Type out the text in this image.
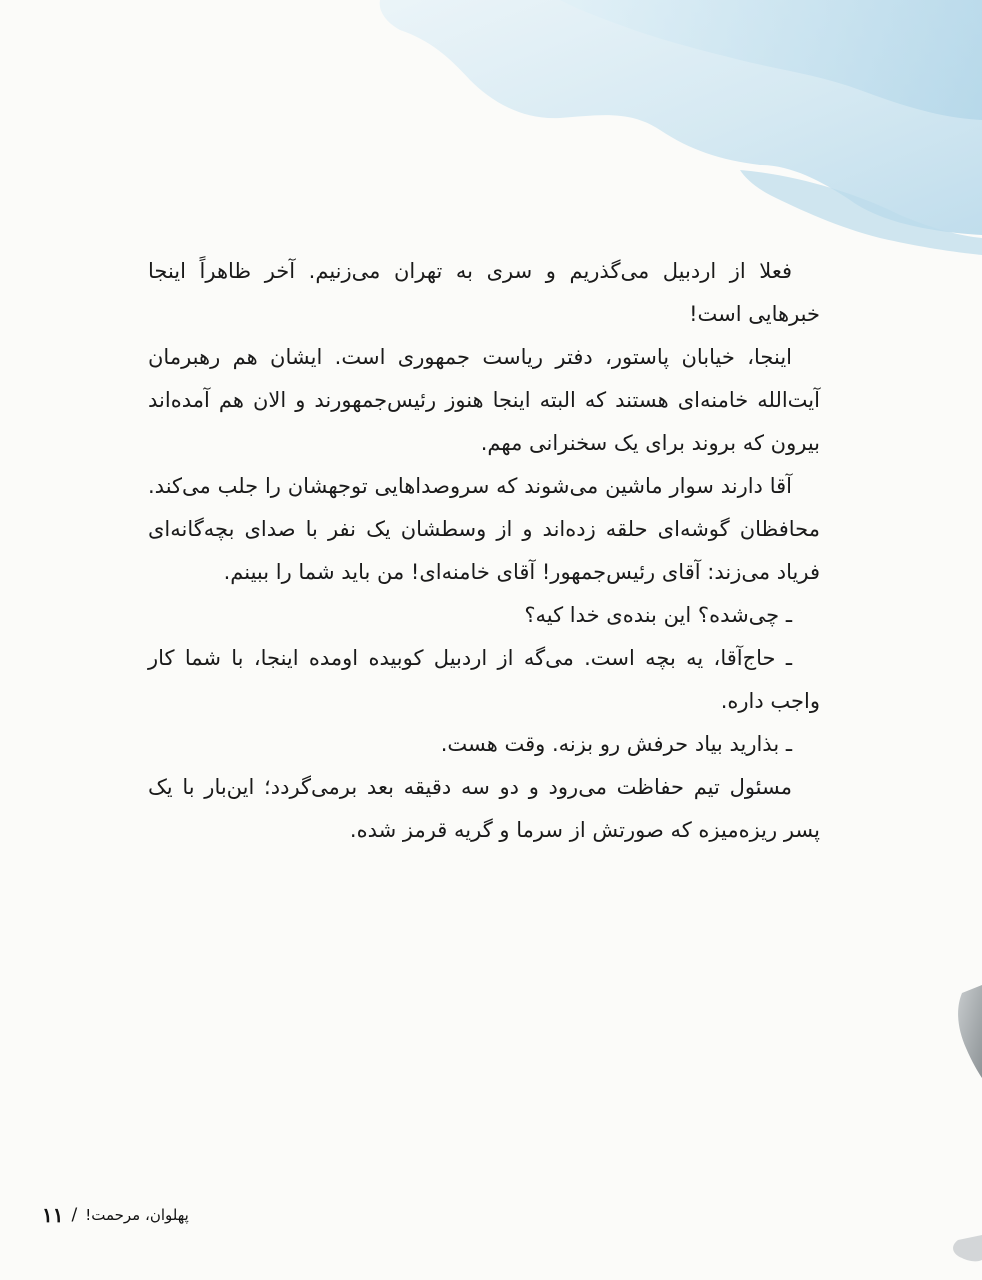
فعلا از اردبیل می‌گذریم و سری به تهران می‌زنیم. آخر ظاهراً اینجا خبرهایی است!

اینجا، خیابان پاستور، دفتر ریاست جمهوری است. ایشان هم رهبرمان آیت‌الله خامنه‌ای هستند که البته اینجا هنوز رئیس‌جمهورند و الان هم آمده‌اند بیرون که بروند برای یک سخنرانی مهم.

آقا دارند سوار ماشین می‌شوند که سروصداهایی توجهشان را جلب می‌کند. محافظان گوشه‌ای حلقه زده‌اند و از وسطشان یک نفر با صدای بچه‌گانه‌ای فریاد می‌زند: آقای رئیس‌جمهور! آقای خامنه‌ای! من باید شما را ببینم.

ـ چی‌شده؟ این بنده‌ی خدا کیه؟

ـ حاج‌آقا، یه بچه است. می‌گه از اردبیل کوبیده اومده اینجا، با شما کار واجب داره.

ـ بذارید بیاد حرفش رو بزنه. وقت هست.

مسئول تیم حفاظت می‌رود و دو سه دقیقه بعد برمی‌گردد؛ این‌بار با یک پسر ریزه‌میزه که صورتش از سرما و گریه قرمز شده.

۱۱ / پهلوان، مرحمت!
